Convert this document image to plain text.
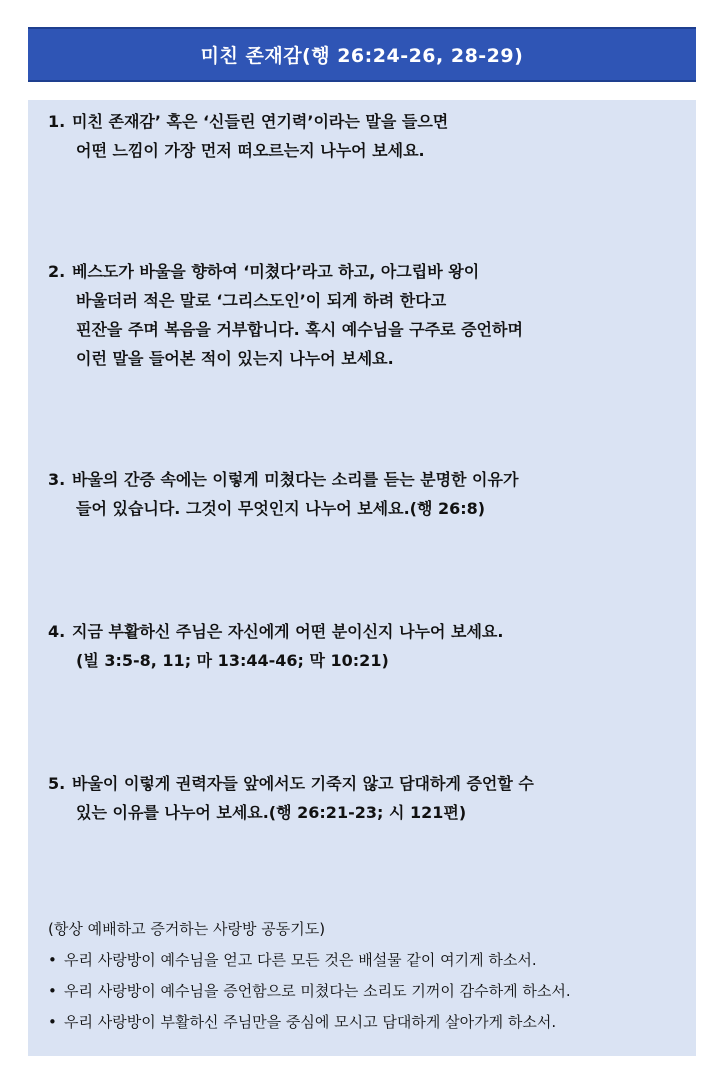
미친 존재감(행 26:24-26, 28-29)
1. 미친 존재감’ 혹은 ‘신들린 연기력’이라는 말을 들으면
어떤 느낌이 가장 먼저 떠오르는지 나누어 보세요.
2. 베스도가 바울을 향하여 ‘미쳤다’라고 하고, 아그립바 왕이
바울더러 적은 말로 ‘그리스도인’이 되게 하려 한다고
핀잔을 주며 복음을 거부합니다. 혹시 예수님을 구주로 증언하며
이런 말을 들어본 적이 있는지 나누어 보세요.
3. 바울의 간증 속에는 이렇게 미쳤다는 소리를 듣는 분명한 이유가
들어 있습니다. 그것이 무엇인지 나누어 보세요.(행 26:8)
4. 지금 부활하신 주님은 자신에게 어떤 분이신지 나누어 보세요.
(빌 3:5-8, 11; 마 13:44-46; 막 10:21)
5. 바울이 이렇게 권력자들 앞에서도 기죽지 않고 담대하게 증언할 수
있는 이유를 나누어 보세요.(행 26:21-23; 시 121편)
(항상 예배하고 증거하는 사랑방 공동기도)
• 우리 사랑방이 예수님을 얻고 다른 모든 것은 배설물 같이 여기게 하소서.
• 우리 사랑방이 예수님을 증언함으로 미쳤다는 소리도 기꺼이 감수하게 하소서.
• 우리 사랑방이 부활하신 주님만을 중심에 모시고 담대하게 살아가게 하소서.
